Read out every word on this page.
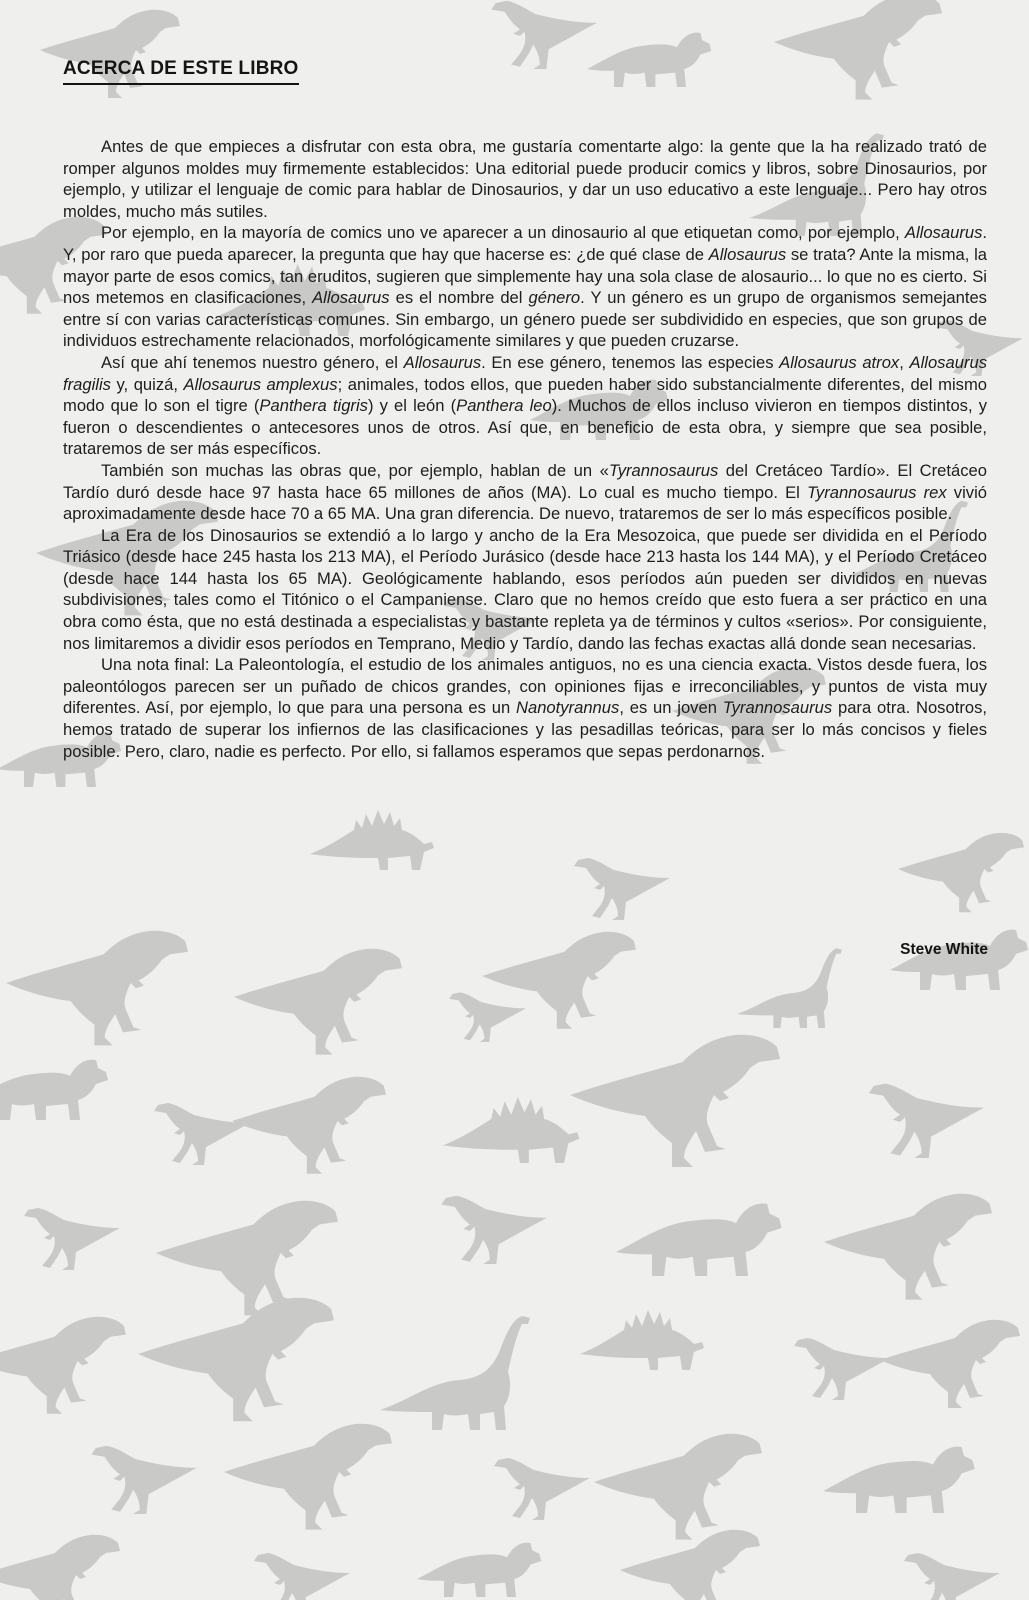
ACERCA DE ESTE LIBRO

Antes de que empieces a disfrutar con esta obra, me gustaría comentarte algo: la gente que la ha realizado trató de romper algunos moldes muy firmemente establecidos: Una editorial puede producir comics y libros, sobre Dinosaurios, por ejemplo, y utilizar el lenguaje de comic para hablar de Dinosaurios, y dar un uso educativo a este lenguaje... Pero hay otros moldes, mucho más sutiles.

Por ejemplo, en la mayoría de comics uno ve aparecer a un dinosaurio al que etiquetan como, por ejemplo, Allosaurus. Y, por raro que pueda aparecer, la pregunta que hay que hacerse es: ¿de qué clase de Allosaurus se trata? Ante la misma, la mayor parte de esos comics, tan eruditos, sugieren que simplemente hay una sola clase de alosaurio... lo que no es cierto. Si nos metemos en clasificaciones, Allosaurus es el nombre del género. Y un género es un grupo de organismos semejantes entre sí con varias características comunes. Sin embargo, un género puede ser subdividido en especies, que son grupos de individuos estrechamente relacionados, morfológicamente similares y que pueden cruzarse.

Así que ahí tenemos nuestro género, el Allosaurus. En ese género, tenemos las especies Allosaurus atrox, Allosaurus fragilis y, quizá, Allosaurus amplexus; animales, todos ellos, que pueden haber sido substancialmente diferentes, del mismo modo que lo son el tigre (Panthera tigris) y el león (Panthera leo). Muchos de ellos incluso vivieron en tiempos distintos, y fueron o descendientes o antecesores unos de otros. Así que, en beneficio de esta obra, y siempre que sea posible, trataremos de ser más específicos.

También son muchas las obras que, por ejemplo, hablan de un «Tyrannosaurus del Cretáceo Tardío». El Cretáceo Tardío duró desde hace 97 hasta hace 65 millones de años (MA). Lo cual es mucho tiempo. El Tyrannosaurus rex vivió aproximadamente desde hace 70 a 65 MA. Una gran diferencia. De nuevo, trataremos de ser lo más específicos posible.

La Era de los Dinosaurios se extendió a lo largo y ancho de la Era Mesozoica, que puede ser dividida en el Período Triásico (desde hace 245 hasta los 213 MA), el Período Jurásico (desde hace 213 hasta los 144 MA), y el Período Cretáceo (desde hace 144 hasta los 65 MA). Geológicamente hablando, esos períodos aún pueden ser divididos en nuevas subdivisiones, tales como el Titónico o el Campaniense. Claro que no hemos creído que esto fuera a ser práctico en una obra como ésta, que no está destinada a especialistas y bastante repleta ya de términos y cultos «serios». Por consiguiente, nos limitaremos a dividir esos períodos en Temprano, Medio y Tardío, dando las fechas exactas allá donde sean necesarias.

Una nota final: La Paleontología, el estudio de los animales antiguos, no es una ciencia exacta. Vistos desde fuera, los paleontólogos parecen ser un puñado de chicos grandes, con opiniones fijas e irreconciliables, y puntos de vista muy diferentes. Así, por ejemplo, lo que para una persona es un Nanotyrannus, es un joven Tyrannosaurus para otra. Nosotros, hemos tratado de superar los infiernos de las clasificaciones y las pesadillas teóricas, para ser lo más concisos y fieles posible. Pero, claro, nadie es perfecto. Por ello, si fallamos esperamos que sepas perdonarnos.

Steve White
